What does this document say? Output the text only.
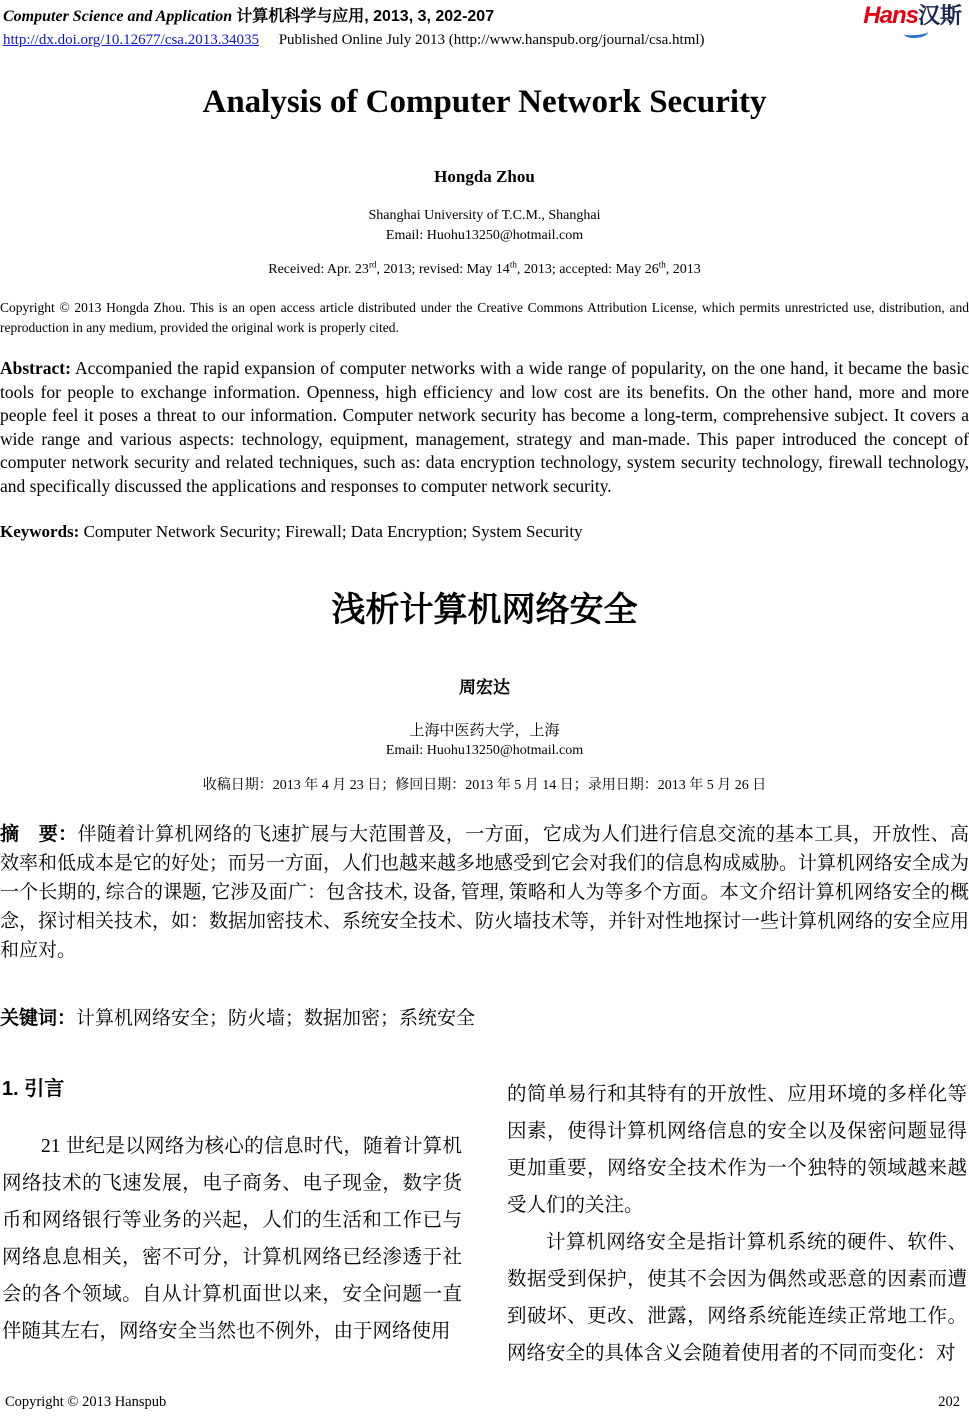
Computer Science and Application 计算机科学与应用, 2013, 3, 202-207
http://dx.doi.org/10.12677/csa.2013.34035 Published Online July 2013 (http://www.hanspub.org/journal/csa.html)
Hans汉斯
Analysis of Computer Network Security
Hongda Zhou
Shanghai University of T.C.M., Shanghai
Email: Huohu13250@hotmail.com
Received: Apr. 23rd, 2013; revised: May 14th, 2013; accepted: May 26th, 2013

Copyright © 2013 Hongda Zhou. This is an open access article distributed under the Creative Commons Attribution License, which permits unrestricted use, distribution, and reproduction in any medium, provided the original work is properly cited.

Abstract: Accompanied the rapid expansion of computer networks with a wide range of popularity, on the one hand, it became the basic tools for people to exchange information. Openness, high efficiency and low cost are its benefits. On the other hand, more and more people feel it poses a threat to our information. Computer network security has become a long-term, comprehensive subject. It covers a wide range and various aspects: technology, equipment, management, strategy and man-made. This paper introduced the concept of computer network security and related techniques, such as: data encryption technology, system security technology, firewall technology, and specifically discussed the applications and responses to computer network security.

Keywords: Computer Network Security; Firewall; Data Encryption; System Security

浅析计算机网络安全
周宏达
上海中医药大学，上海
Email: Huohu13250@hotmail.com
收稿日期：2013 年 4 月 23 日；修回日期：2013 年 5 月 14 日；录用日期：2013 年 5 月 26 日

摘　要：伴随着计算机网络的飞速扩展与大范围普及，一方面，它成为人们进行信息交流的基本工具，开放性、高效率和低成本是它的好处；而另一方面，人们也越来越多地感受到它会对我们的信息构成威胁。计算机网络安全成为一个长期的, 综合的课题, 它涉及面广：包含技术, 设备, 管理, 策略和人为等多个方面。本文介绍计算机网络安全的概念，探讨相关技术，如：数据加密技术、系统安全技术、防火墙技术等，并针对性地探讨一些计算机网络的安全应用和应对。

关键词：计算机网络安全；防火墙；数据加密；系统安全

1. 引言

21 世纪是以网络为核心的信息时代，随着计算机网络技术的飞速发展，电子商务、电子现金，数字货币和网络银行等业务的兴起，人们的生活和工作已与网络息息相关，密不可分，计算机网络已经渗透于社会的各个领域。自从计算机面世以来，安全问题一直伴随其左右，网络安全当然也不例外，由于网络使用

的简单易行和其特有的开放性、应用环境的多样化等因素，使得计算机网络信息的安全以及保密问题显得更加重要，网络安全技术作为一个独特的领域越来越受人们的关注。

计算机网络安全是指计算机系统的硬件、软件、数据受到保护，使其不会因为偶然或恶意的因素而遭到破坏、更改、泄露，网络系统能连续正常地工作。网络安全的具体含义会随着使用者的不同而变化：对

Copyright © 2013 Hanspub	202
